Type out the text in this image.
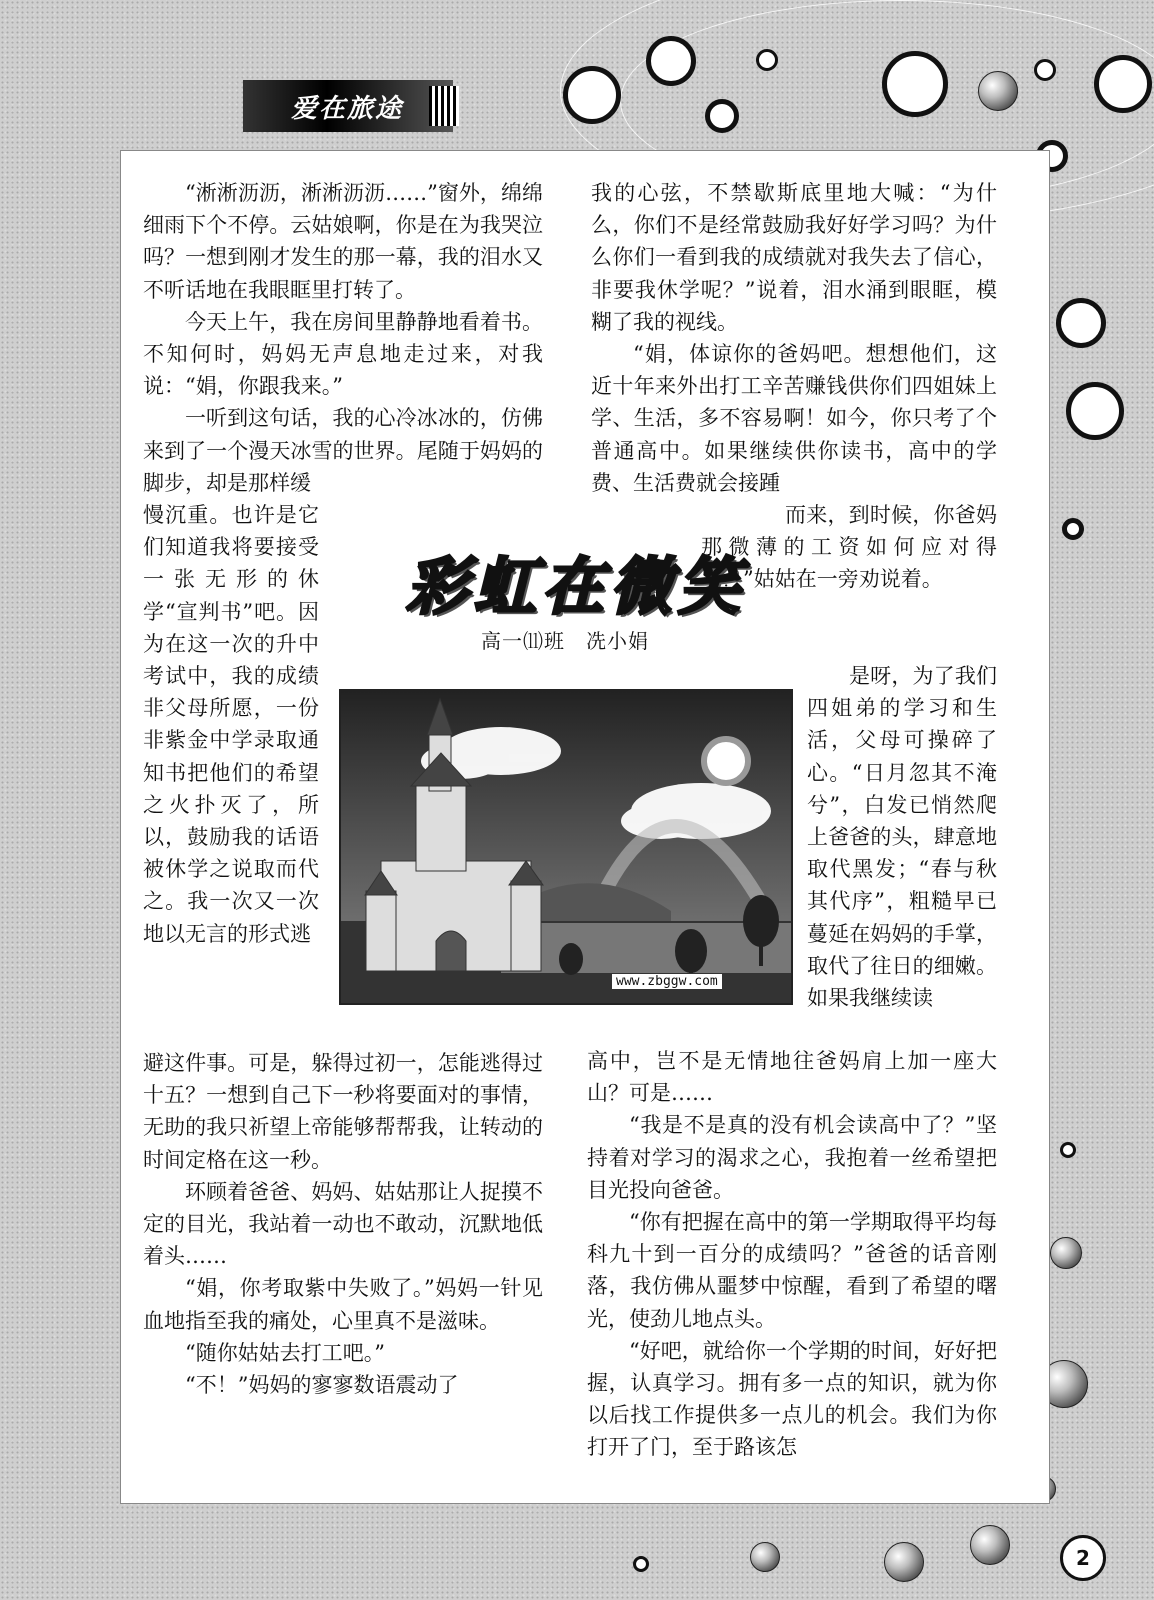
爱在旅途

“淅淅沥沥，淅淅沥沥……”窗外，绵绵细雨下个不停。云姑娘啊，你是在为我哭泣吗？一想到刚才发生的那一幕，我的泪水又不听话地在我眼眶里打转了。

今天上午，我在房间里静静地看着书。不知何时，妈妈无声息地走过来，对我说：“娟，你跟我来。”

一听到这句话，我的心冷冰冰的，仿佛来到了一个漫天冰雪的世界。尾随于妈妈的脚步，却是那样缓

慢沉重。也许是它们知道我将要接受一张无形的休学“宣判书”吧。因为在这一次的升中考试中，我的成绩非父母所愿，一份非紫金中学录取通知书把他们的希望之火扑灭了，所以，鼓励我的话语被休学之说取而代之。我一次又一次地以无言的形式逃

避这件事。可是，躲得过初一，怎能逃得过十五？一想到自己下一秒将要面对的事情，无助的我只祈望上帝能够帮帮我，让转动的时间定格在这一秒。

环顾着爸爸、妈妈、姑姑那让人捉摸不定的目光，我站着一动也不敢动，沉默地低着头……

“娟，你考取紫中失败了。”妈妈一针见血地指至我的痛处，心里真不是滋味。

“随你姑姑去打工吧。”

“不！”妈妈的寥寥数语震动了

我的心弦，不禁歇斯底里地大喊：“为什么，你们不是经常鼓励我好好学习吗？为什么你们一看到我的成绩就对我失去了信心，非要我休学呢？”说着，泪水涌到眼眶，模糊了我的视线。

“娟，体谅你的爸妈吧。想想他们，这近十年来外出打工辛苦赚钱供你们四姐妹上学、生活，多不容易啊！如今，你只考了个普通高中。如果继续供你读书，高中的学费、生活费就会接踵

而来，到时候，你爸妈那微薄的工资如何应对得了？”姑姑在一旁劝说着。

是呀，为了我们四姐弟的学习和生活，父母可操碎了心。“日月忽其不淹兮”，白发已悄然爬上爸爸的头，肆意地取代黑发；“春与秋其代序”，粗糙早已蔓延在妈妈的手掌，取代了往日的细嫩。如果我继续读

高中，岂不是无情地往爸妈肩上加一座大山？可是……

“我是不是真的没有机会读高中了？”坚持着对学习的渴求之心，我抱着一丝希望把目光投向爸爸。

“你有把握在高中的第一学期取得平均每科九十到一百分的成绩吗？”爸爸的话音刚落，我仿佛从噩梦中惊醒，看到了希望的曙光，使劲儿地点头。

“好吧，就给你一个学期的时间，好好把握，认真学习。拥有多一点的知识，就为你以后找工作提供多一点儿的机会。我们为你打开了门，至于路该怎

彩虹在微笑
高一⑾班　冼小娟
www.zbggw.com
2
